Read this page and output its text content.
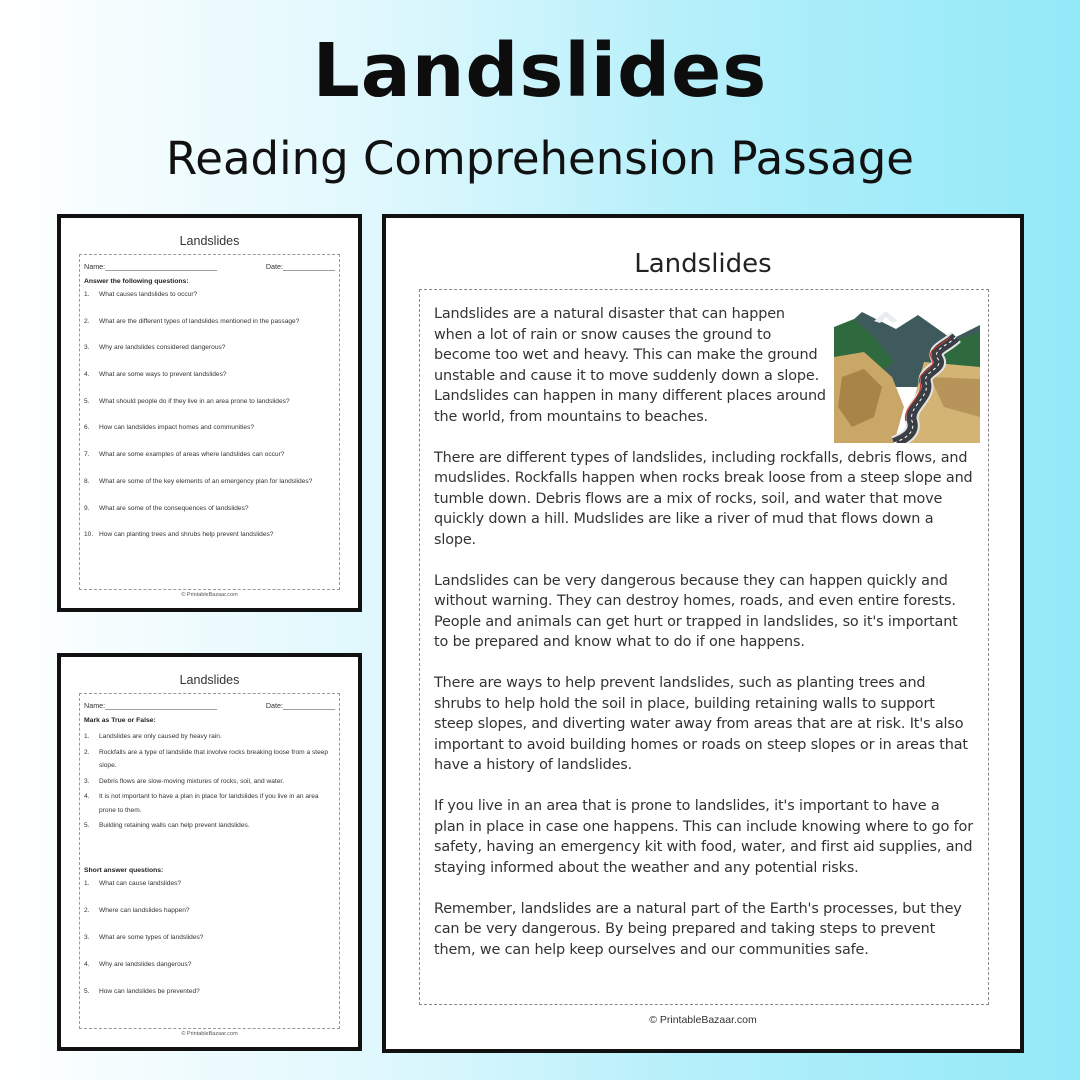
Landslides
Reading Comprehension Passage
Landslides
Name:____________________________	Date:_____________
Answer the following questions:
1.	What causes landslides to occur?
2.	What are the different types of landslides mentioned in the passage?
3.	Why are landslides considered dangerous?
4.	What are some ways to prevent landslides?
5.	What should people do if they live in an area prone to landslides?
6.	How can landslides impact homes and communities?
7.	What are some examples of areas where landslides can occur?
8.	What are some of the key elements of an emergency plan for landslides?
9.	What are some of the consequences of landslides?
10. How can planting trees and shrubs help prevent landslides?
© PrintableBazaar.com
Landslides
Name:____________________________	Date:_____________
Mark as True or False:
1.	Landslides are only caused by heavy rain.
2.	Rockfalls are a type of landslide that involve rocks breaking loose from a steep slope.
3.	Debris flows are slow-moving mixtures of rocks, soil, and water.
4.	It is not important to have a plan in place for landslides if you live in an area prone to them.
5.	Building retaining walls can help prevent landslides.
Short answer questions:
1.	What can cause landslides?
2.	Where can landslides happen?
3.	What are some types of landslides?
4.	Why are landslides dangerous?
5.	How can landslides be prevented?
© PrintableBazaar.com
Landslides

Landslides are a natural disaster that can happen when a lot of rain or snow causes the ground to become too wet and heavy. This can make the ground unstable and cause it to move suddenly down a slope. Landslides can happen in many different places around the world, from mountains to beaches.

There are different types of landslides, including rockfalls, debris flows, and mudslides. Rockfalls happen when rocks break loose from a steep slope and tumble down. Debris flows are a mix of rocks, soil, and water that move quickly down a hill. Mudslides are like a river of mud that flows down a slope.

Landslides can be very dangerous because they can happen quickly and without warning. They can destroy homes, roads, and even entire forests. People and animals can get hurt or trapped in landslides, so it's important to be prepared and know what to do if one happens.

There are ways to help prevent landslides, such as planting trees and shrubs to help hold the soil in place, building retaining walls to support steep slopes, and diverting water away from areas that are at risk. It's also important to avoid building homes or roads on steep slopes or in areas that have a history of landslides.

If you live in an area that is prone to landslides, it's important to have a plan in place in case one happens. This can include knowing where to go for safety, having an emergency kit with food, water, and first aid supplies, and staying informed about the weather and any potential risks.

Remember, landslides are a natural part of the Earth's processes, but they can be very dangerous. By being prepared and taking steps to prevent them, we can help keep ourselves and our communities safe.

© PrintableBazaar.com
